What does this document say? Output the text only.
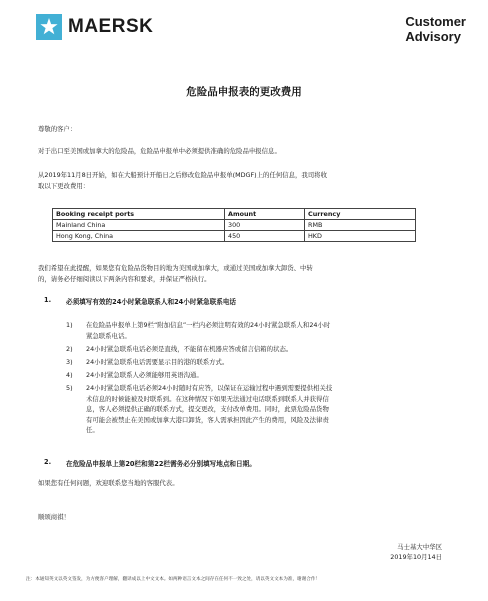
MAERSK	Customer
Advisory
危险品申报表的更改费用
尊敬的客户：
对于出口至美国或加拿大的危险品，危险品申报单中必须提供准确的危险品申报信息。
从2019年11月8日开始，如在大船预计开船日之后修改危险品申报单(MDGF)上的任何信息，我司将收
取以下更改费用：
Booking receipt ports	Amount	Currency
Mainland China	300	RMB
Hong Kong, China	450	HKD
我们希望在此提醒，如果您有危险品货物目的地为美国或加拿大，或通过美国或加拿大卸货、中转
的，请务必仔细阅读以下两条内容和要求，并保证严格执行。
1.	必须填写有效的24小时紧急联系人和24小时紧急联系电话
1)	在危险品申报单上第9栏“附加信息”一栏内必须注明有效的24小时紧急联系人和24小时
紧急联系电话。
2)	24小时紧急联系电话必须是直线，不能留在机器应答或留言信箱的状态。
3)	24小时紧急联系电话需要显示目的港的联系方式。
4)	24小时紧急联系人必须能够用英语沟通。
5)	24小时紧急联系电话必须24小时随时有应答，以保证在运输过程中遇到需要提供相关技
术信息的时候能被及时联系到。在这种情况下如果无法通过电话联系到联系人并获得信
息，客人必须提供正确的联系方式，提交更改，支付改单费用。同时，此票危险品货物
有可能会被禁止在美国或加拿大港口卸货，客人需承担因此产生的费用，风险及法律责
任。
2.	在危险品申报单上第20栏和第22栏需务必分别填写地点和日期。
如果您有任何问题，欢迎联系您当地的客服代表。
顺颂商祺！
马士基大中华区
2019年10月14日
注：本通知英文以英文签发，为方便客户理解，翻译成以上中文文本。如两种语言文本之间存在任何不一致之处，请以英文文本为准，谢谢合作！
